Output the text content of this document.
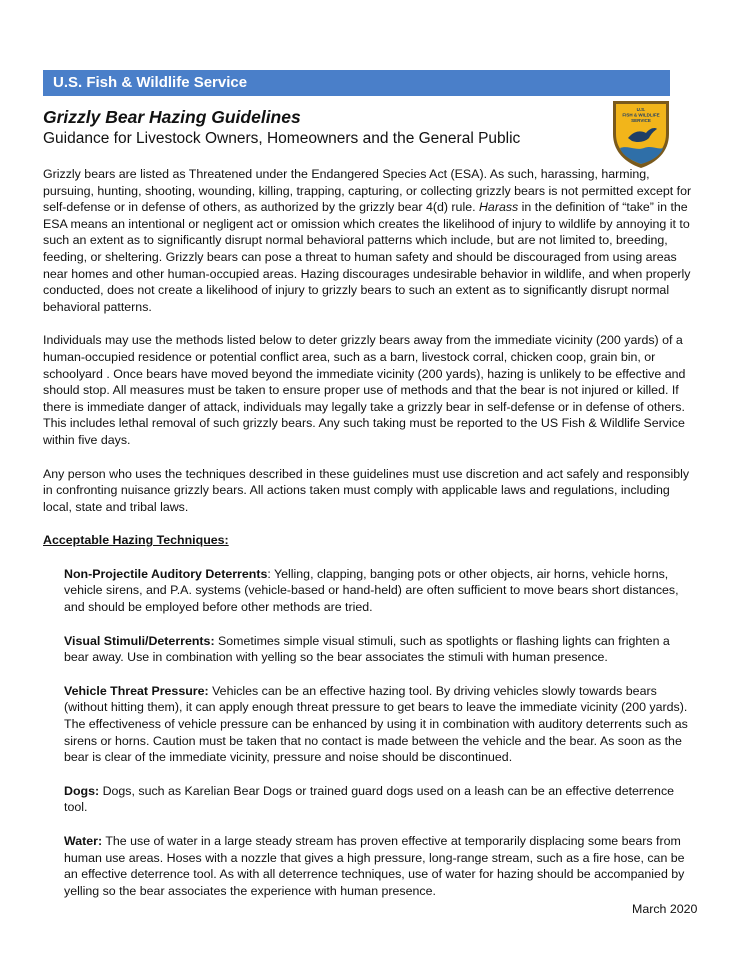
U.S. Fish & Wildlife Service
Grizzly Bear Hazing Guidelines
Guidance for Livestock Owners, Homeowners and the General Public
U.S.
FISH & WILDLIFE
SERVICE

Grizzly bears are listed as Threatened under the Endangered Species Act (ESA). As such, harassing, harming, pursuing, hunting, shooting, wounding, killing, trapping, capturing, or collecting grizzly bears is not permitted except for self-defense or in defense of others, as authorized by the grizzly bear 4(d) rule. Harass in the definition of “take” in the ESA means an intentional or negligent act or omission which creates the likelihood of injury to wildlife by annoying it to such an extent as to significantly disrupt normal behavioral patterns which include, but are not limited to, breeding, feeding, or sheltering. Grizzly bears can pose a threat to human safety and should be discouraged from using areas near homes and other human-occupied areas. Hazing discourages undesirable behavior in wildlife, and when properly conducted, does not create a likelihood of injury to grizzly bears to such an extent as to significantly disrupt normal behavioral patterns.

Individuals may use the methods listed below to deter grizzly bears away from the immediate vicinity (200 yards) of a human-occupied residence or potential conflict area, such as a barn, livestock corral, chicken coop, grain bin, or schoolyard . Once bears have moved beyond the immediate vicinity (200 yards), hazing is unlikely to be effective and should stop. All measures must be taken to ensure proper use of methods and that the bear is not injured or killed. If there is immediate danger of attack, individuals may legally take a grizzly bear in self-defense or in defense of others. This includes lethal removal of such grizzly bears. Any such taking must be reported to the US Fish & Wildlife Service within five days.

Any person who uses the techniques described in these guidelines must use discretion and act safely and responsibly in confronting nuisance grizzly bears. All actions taken must comply with applicable laws and regulations, including local, state and tribal laws.

Acceptable Hazing Techniques:
Non-Projectile Auditory Deterrents: Yelling, clapping, banging pots or other objects, air horns, vehicle horns, vehicle sirens, and P.A. systems (vehicle-based or hand-held) are often sufficient to move bears short distances, and should be employed before other methods are tried.
Visual Stimuli/Deterrents: Sometimes simple visual stimuli, such as spotlights or flashing lights can frighten a bear away. Use in combination with yelling so the bear associates the stimuli with human presence.
Vehicle Threat Pressure: Vehicles can be an effective hazing tool. By driving vehicles slowly towards bears (without hitting them), it can apply enough threat pressure to get bears to leave the immediate vicinity (200 yards). The effectiveness of vehicle pressure can be enhanced by using it in combination with auditory deterrents such as sirens or horns. Caution must be taken that no contact is made between the vehicle and the bear. As soon as the bear is clear of the immediate vicinity, pressure and noise should be discontinued.
Dogs: Dogs, such as Karelian Bear Dogs or trained guard dogs used on a leash can be an effective deterrence tool.
Water: The use of water in a large steady stream has proven effective at temporarily displacing some bears from human use areas. Hoses with a nozzle that gives a high pressure, long-range stream, such as a fire hose, can be an effective deterrence tool. As with all deterrence techniques, use of water for hazing should be accompanied by yelling so the bear associates the experience with human presence.
March 2020
